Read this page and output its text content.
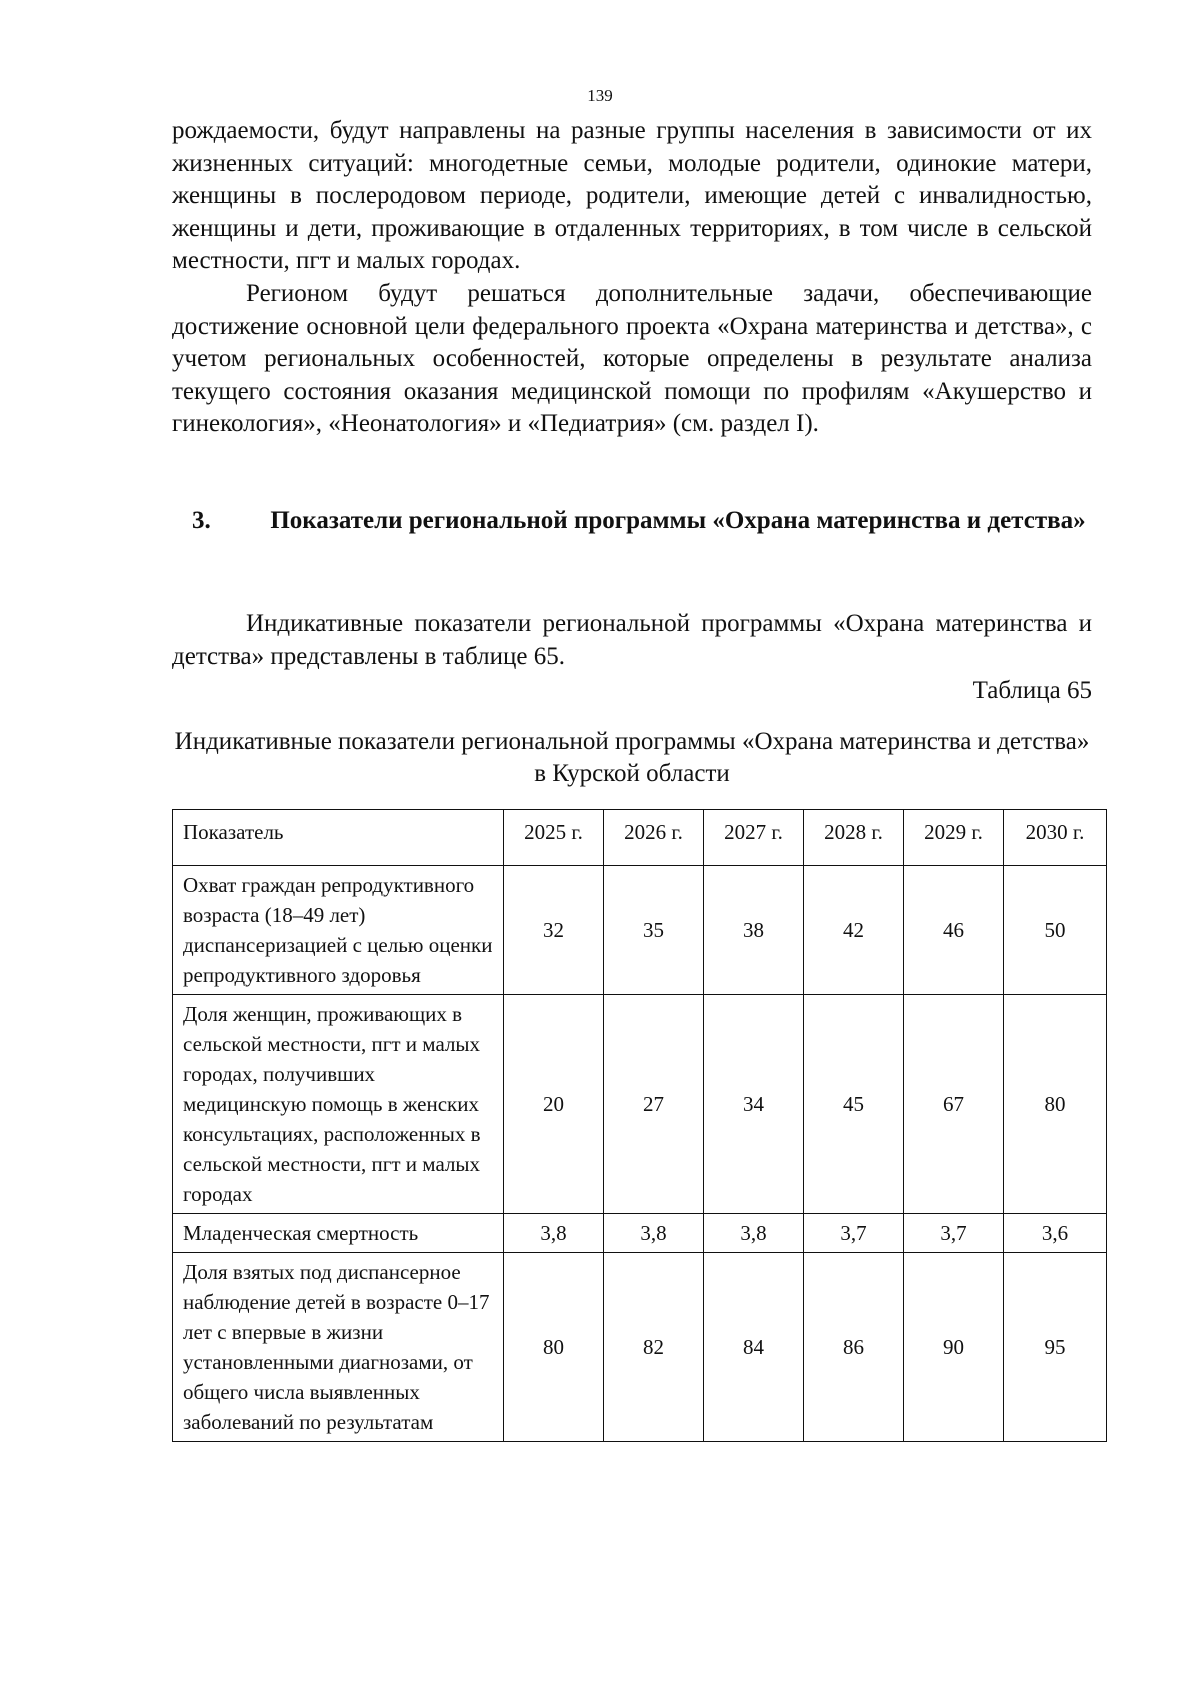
139

рождаемости, будут направлены на разные группы населения в зависимости от их жизненных ситуаций: многодетные семьи, молодые родители, одинокие матери, женщины в послеродовом периоде, родители, имеющие детей с инвалидностью, женщины и дети, проживающие в отдаленных территориях, в том числе в сельской местности, пгт и малых городах.

Регионом будут решаться дополнительные задачи, обеспечивающие достижение основной цели федерального проекта «Охрана материнства и детства», с учетом региональных особенностей, которые определены в результате анализа текущего состояния оказания медицинской помощи по профилям «Акушерство и гинекология», «Неонатология» и «Педиатрия» (см. раздел I).

3.	Показатели региональной программы «Охрана материнства и детства»

Индикативные показатели региональной программы «Охрана материнства и детства» представлены в таблице 65.

Таблица 65
Индикативные показатели региональной программы «Охрана материнства и детства» в Курской области
Показатель	2025 г.	2026 г.	2027 г.	2028 г.	2029 г.	2030 г.
Охват граждан репродуктивного возраста (18–49 лет) диспансеризацией с целью оценки репродуктивного здоровья	32	35	38	42	46	50
Доля женщин, проживающих в сельской местности, пгт и малых городах, получивших медицинскую помощь в женских консультациях, расположенных в сельской местности, пгт и малых городах	20	27	34	45	67	80
Младенческая смертность	3,8	3,8	3,8	3,7	3,7	3,6
Доля взятых под диспансерное наблюдение детей в возрасте 0–17 лет с впервые в жизни установленными диагнозами, от общего числа выявленных заболеваний по результатам	80	82	84	86	90	95
